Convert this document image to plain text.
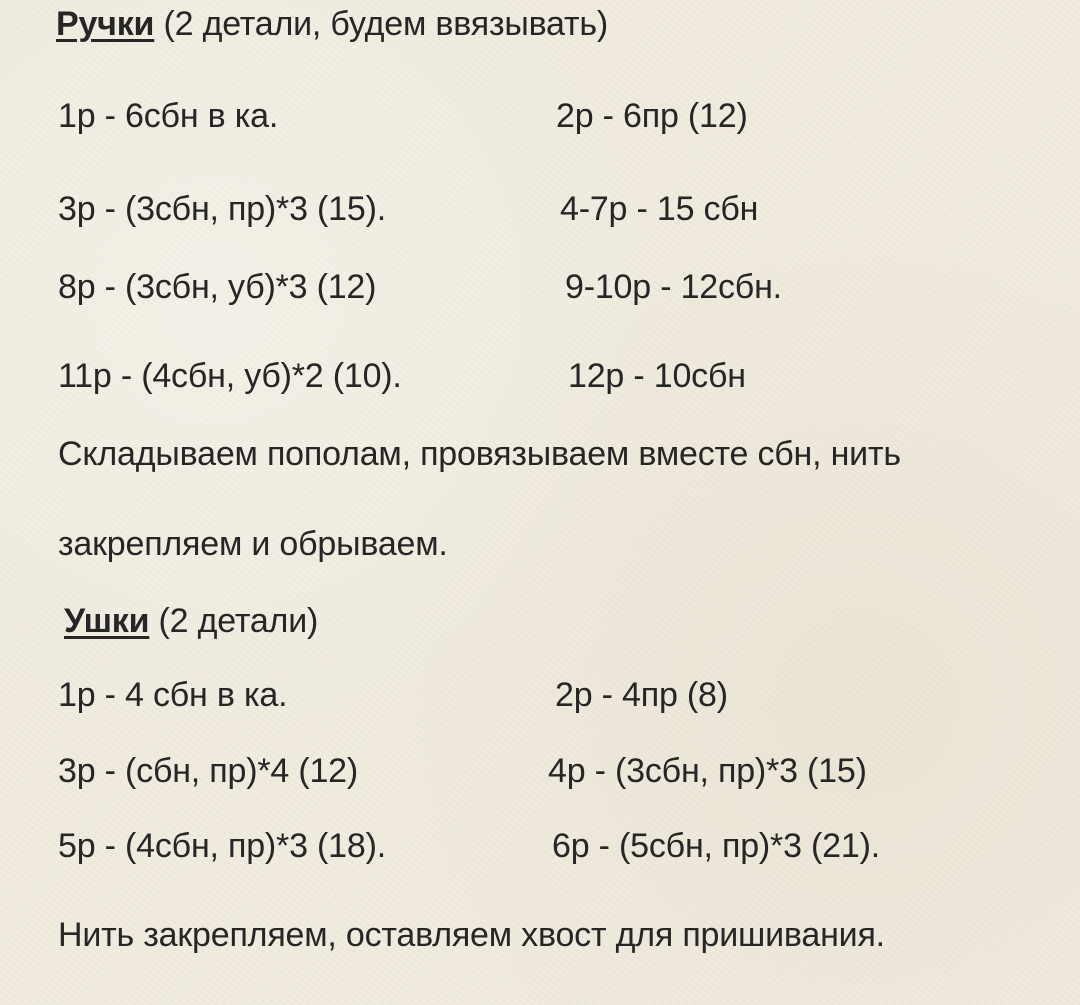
Ручки (2 детали, будем ввязывать)
1р - 6сбн в ка.	2р - 6пр (12)
3р - (3сбн, пр)*3 (15).	4-7р - 15 сбн
8р - (3сбн, уб)*3 (12)	9-10р - 12сбн.
11р - (4сбн, уб)*2 (10).	12р - 10сбн
Складываем пополам, провязываем вместе сбн, нить
закрепляем и обрываем.
Ушки (2 детали)
1р - 4 сбн в ка.	2р - 4пр (8)
3р - (сбн, пр)*4 (12)	4р - (3сбн, пр)*3 (15)
5р - (4сбн, пр)*3 (18).	6р - (5сбн, пр)*3 (21).
Нить закрепляем, оставляем хвост для пришивания.
